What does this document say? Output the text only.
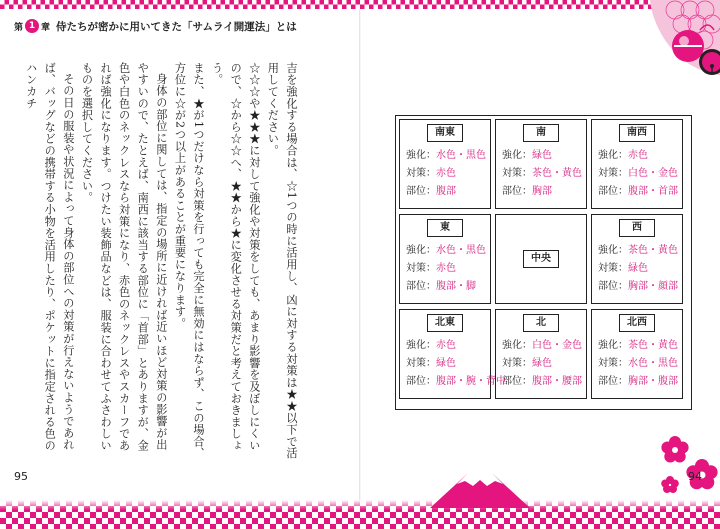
第 1 章 侍たちが密かに用いてきた「サムライ開運法」とは

吉を強化する場合は、☆1つの時に活用し、凶に対する対策は★★以下で活用してください。

☆☆☆や★★★に対して強化や対策をしても、あまり影響を及ぼしにくいので、☆から☆☆へ、★★から★に変化させる対策だと考えておきましょう。

また、★が1つだけなら対策を行っても完全に無効にはならず、この場合、方位に☆が2つ以上があることが重要になります。

身体の部位に関しては、指定の場所に近ければ近いほど対策の影響が出やすいので、たとえば、南西に該当する部位に「首部」とありますが、金色や白色のネックレスなら対策になり、赤色のネックレスやスカーフであれば強化になります。つけたい装飾品などは、服装に合わせてふさわしいものを選択してください。

その日の服装や状況によって身体の部位への対策が行えないようであれば、バッグなどの携帯する小物を活用したり、ポケットに指定される色のハンカチ

南東
強化：水色・黒色
対策：赤色
部位：腹部
南
強化：緑色
対策：茶色・黄色
部位：胸部
南西
強化：赤色
対策：白色・金色
部位：腹部・首部
東
強化：水色・黒色
対策：赤色
部位：腹部・脚
中央
西
強化：茶色・黄色
対策：緑色
部位：胸部・顔部
北東
強化：赤色
対策：緑色
部位：腹部・腕・背中
北
強化：白色・金色
対策：緑色
部位：腹部・腰部
北西
強化：茶色・黄色
対策：水色・黒色
部位：胸部・腹部
95	94
